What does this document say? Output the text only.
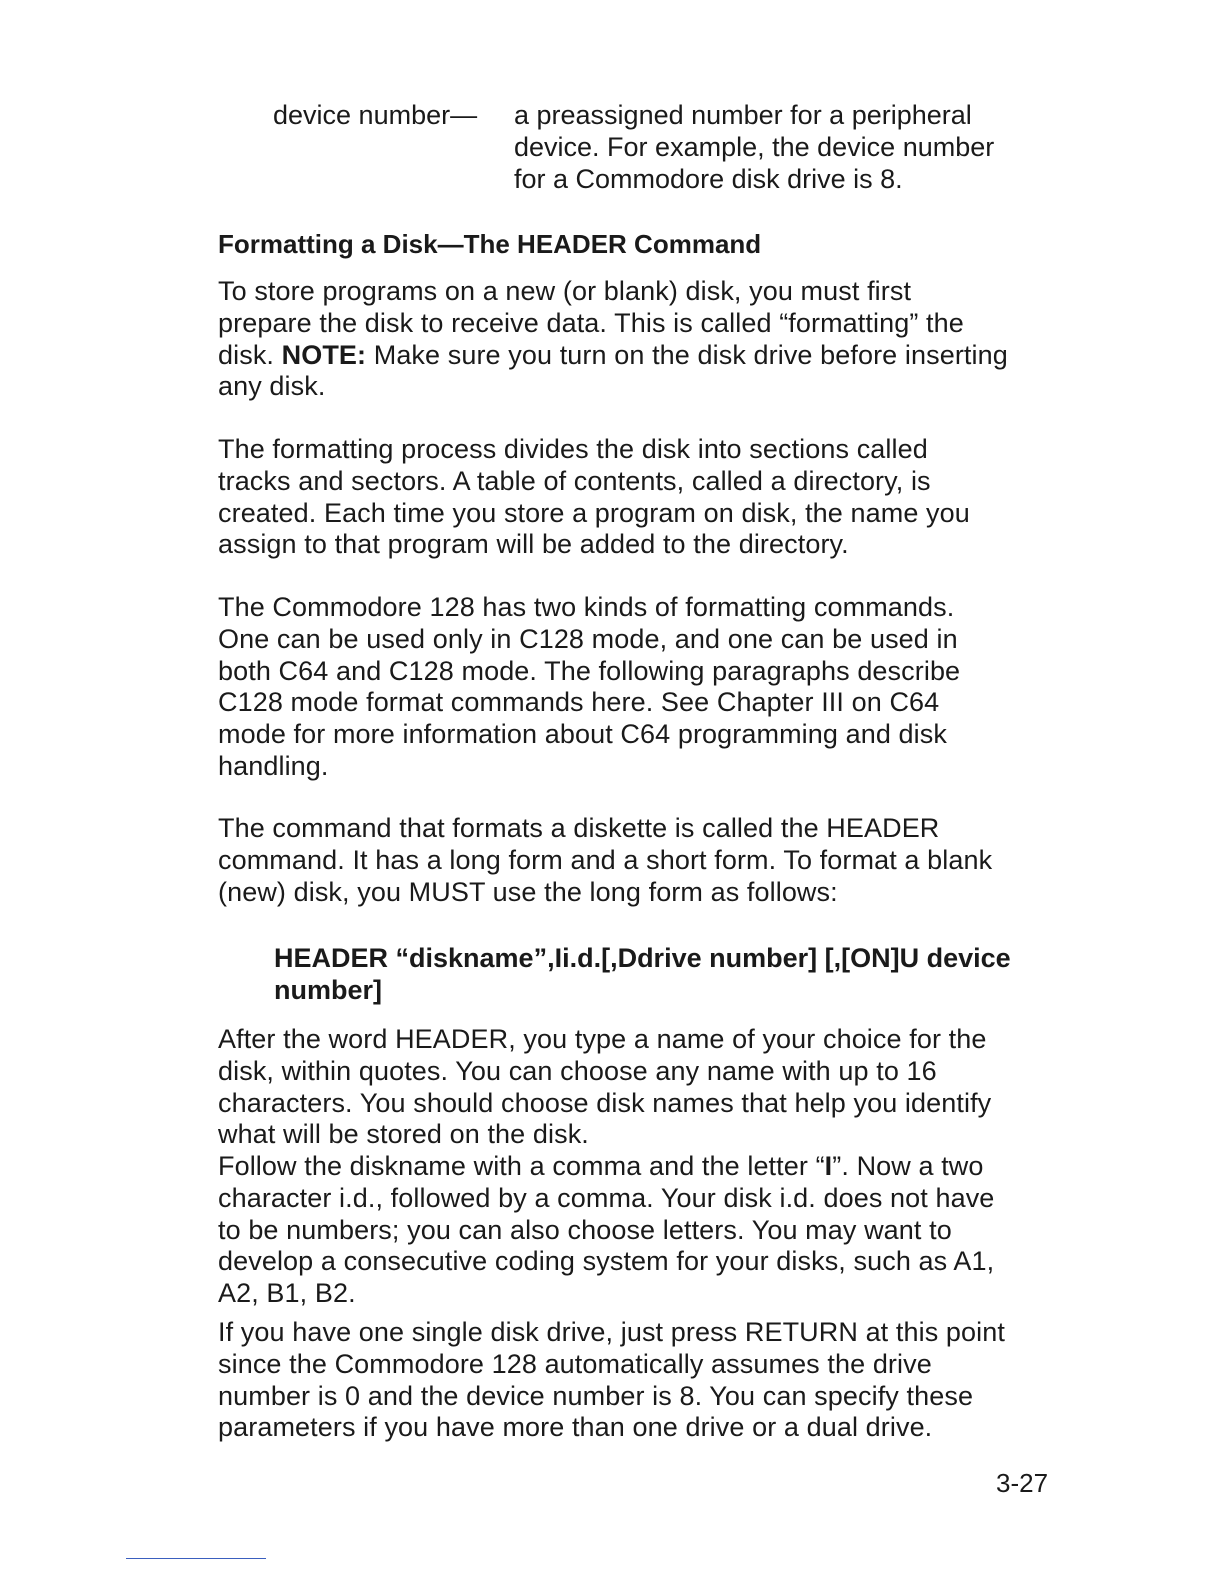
device number— a preassigned number for a peripheral
device. For example, the device number
for a Commodore disk drive is 8.

Formatting a Disk—The HEADER Command

To store programs on a new (or blank) disk, you must first
prepare the disk to receive data. This is called “formatting” the
disk. NOTE: Make sure you turn on the disk drive before inserting
any disk.

The formatting process divides the disk into sections called
tracks and sectors. A table of contents, called a directory, is
created. Each time you store a program on disk, the name you
assign to that program will be added to the directory.

The Commodore 128 has two kinds of formatting commands.
One can be used only in C128 mode, and one can be used in
both C64 and C128 mode. The following paragraphs describe
C128 mode format commands here. See Chapter III on C64
mode for more information about C64 programming and disk
handling.

The command that formats a diskette is called the HEADER
command. It has a long form and a short form. To format a blank
(new) disk, you MUST use the long form as follows:

HEADER “diskname”,Ii.d.[,Ddrive number] [,[ON]U device
number]

After the word HEADER, you type a name of your choice for the
disk, within quotes. You can choose any name with up to 16
characters. You should choose disk names that help you identify
what will be stored on the disk.

Follow the diskname with a comma and the letter “I”. Now a two
character i.d., followed by a comma. Your disk i.d. does not have
to be numbers; you can also choose letters. You may want to
develop a consecutive coding system for your disks, such as A1,
A2, B1, B2.

If you have one single disk drive, just press RETURN at this point
since the Commodore 128 automatically assumes the drive
number is 0 and the device number is 8. You can specify these
parameters if you have more than one drive or a dual drive.

3-27
